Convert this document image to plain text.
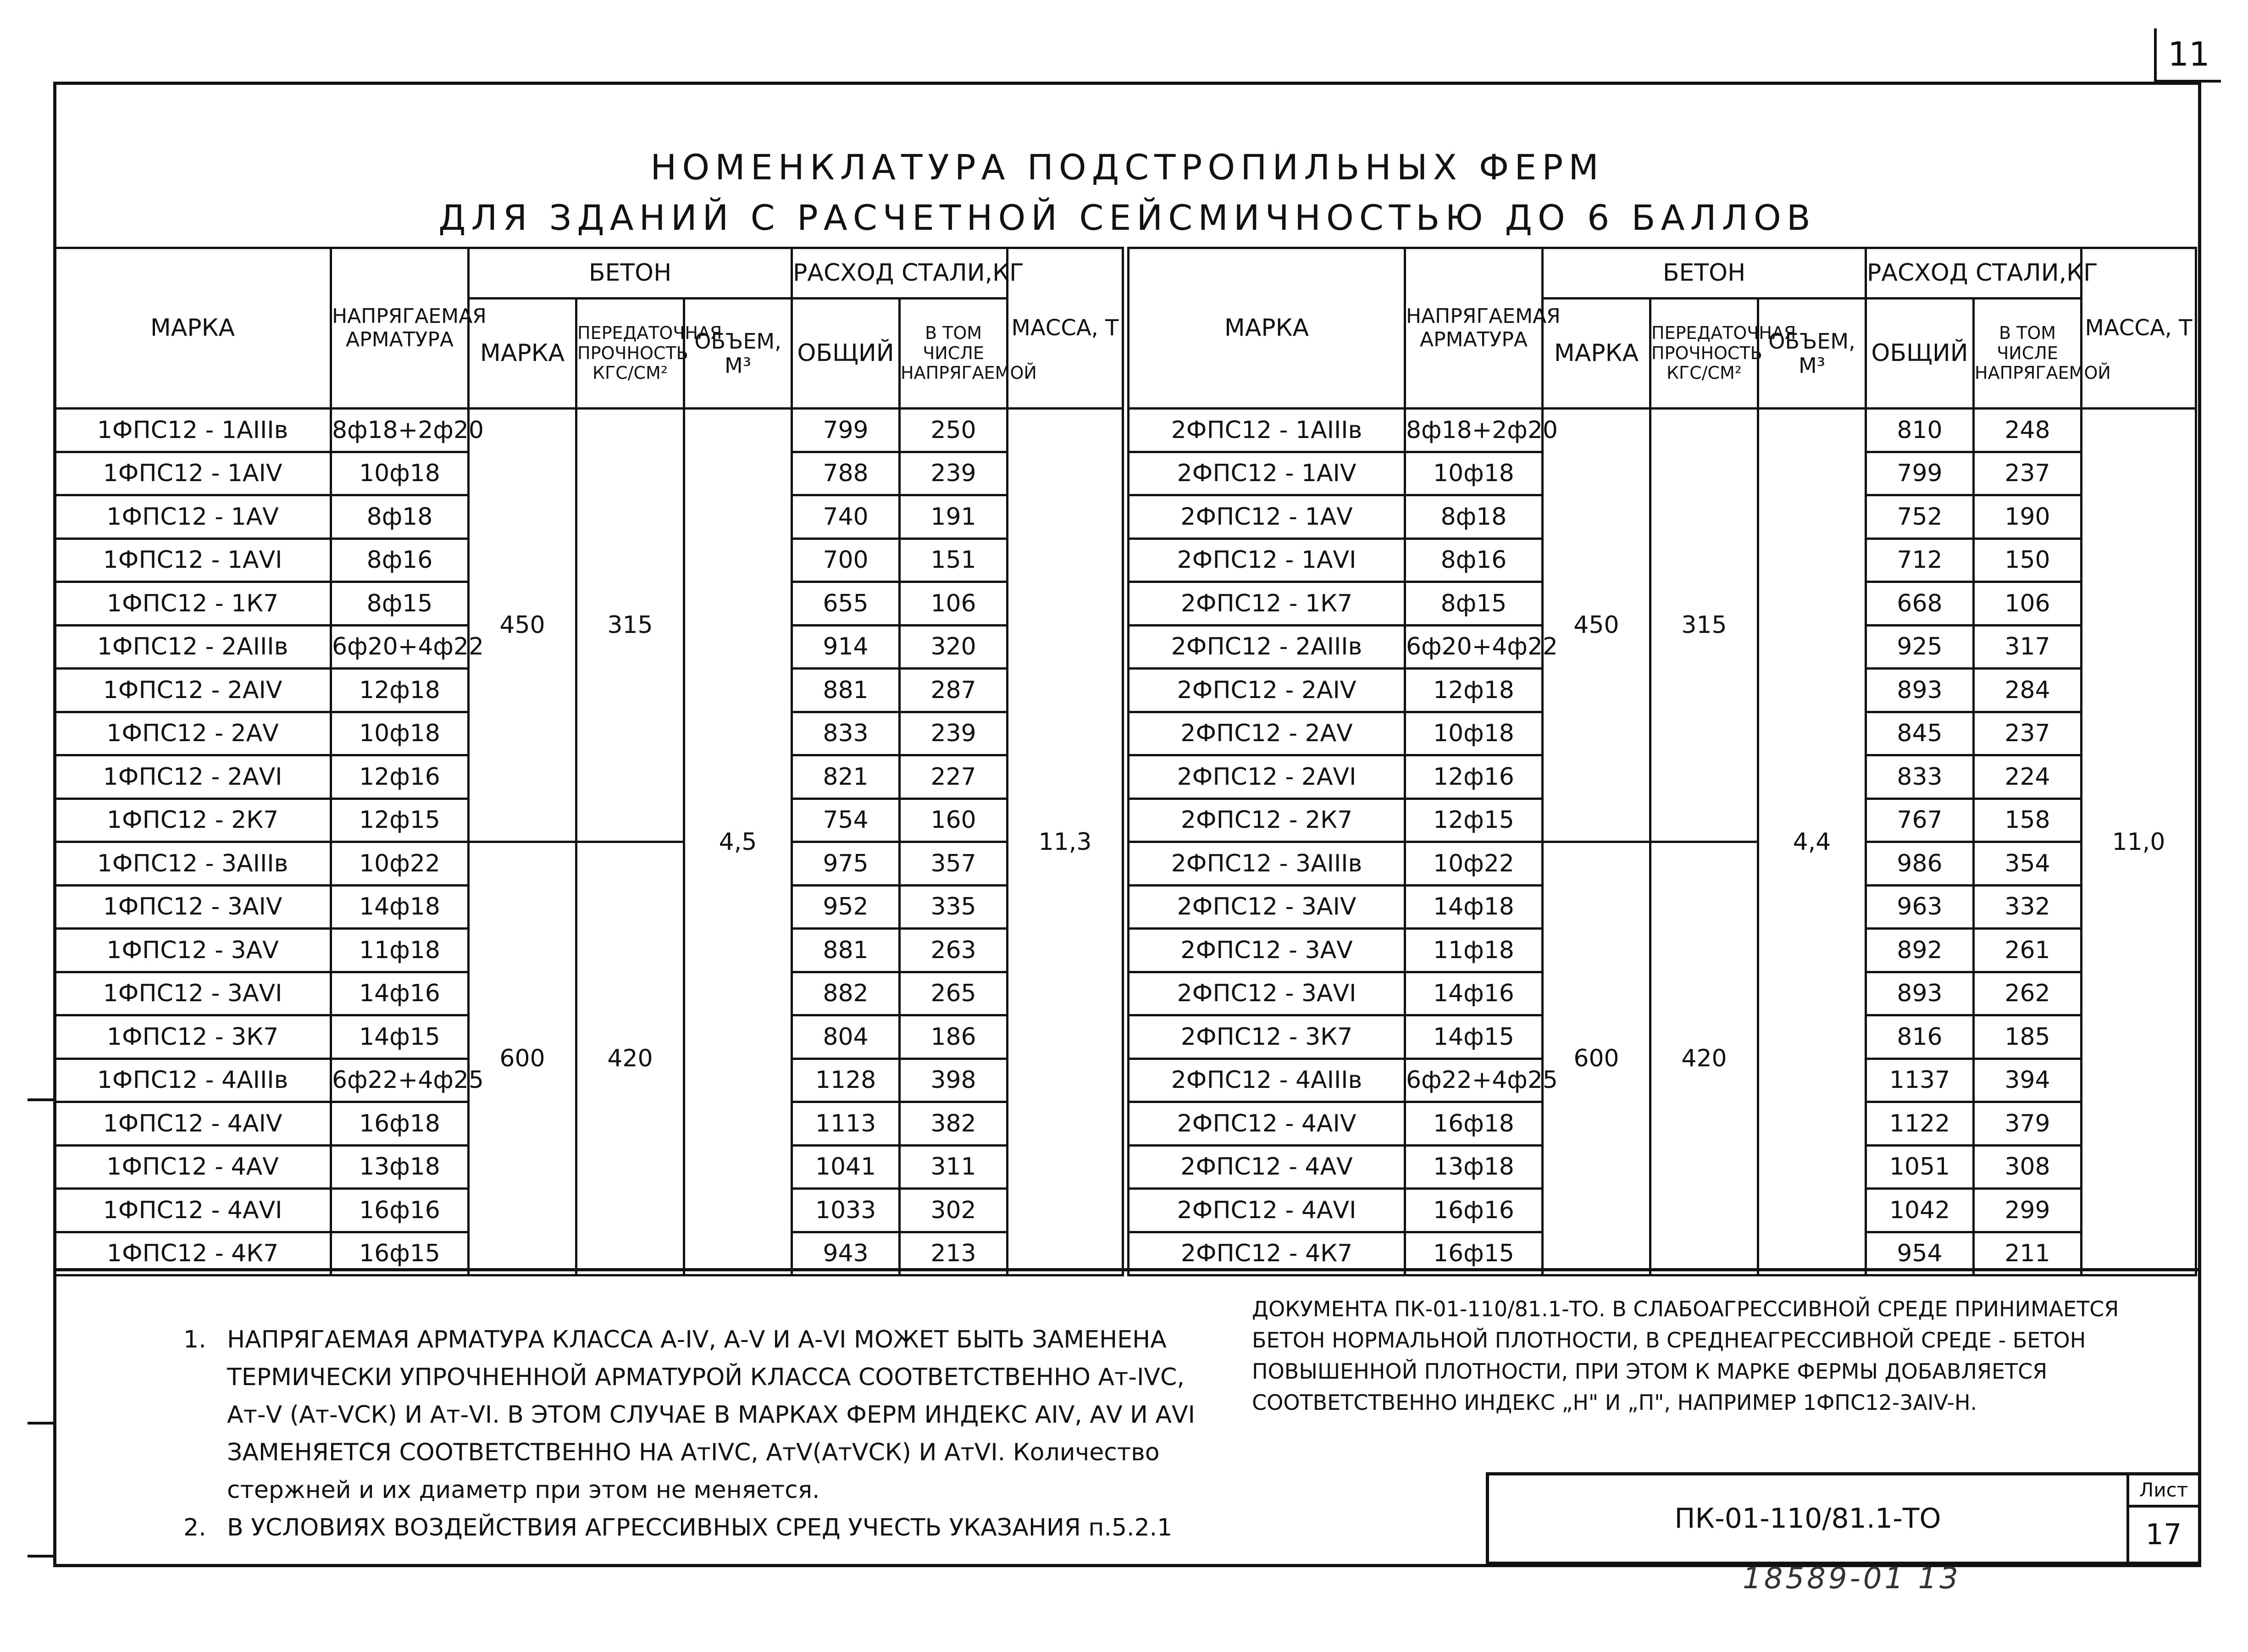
11
НОМЕНКЛАТУРА ПОДСТРОПИЛЬНЫХ ФЕРМ
ДЛЯ ЗДАНИЙ С РАСЧЕТНОЙ СЕЙСМИЧНОСТЬЮ ДО 6 БАЛЛОВ
МАРКА	НАПРЯГАЕМАЯ АРМАТУРА	БЕТОН			РАСХОД СТАЛИ,КГ		МАССА, Т
		МАРКА	ПЕРЕДАТОЧНАЯ ПРОЧНОСТЬ КГС/СМ²	ОБЪЕМ, М³	ОБЩИЙ	В ТОМ ЧИСЛЕ НАПРЯГАЕМОЙ	
1ФПС12 - 1АIIIв	8ф18+2ф20	450	315	4,5	799	250	11,3
1ФПС12 - 1АIV	10ф18				788	239	
1ФПС12 - 1АV	8ф18				740	191	
1ФПС12 - 1АVI	8ф16				700	151	
1ФПС12 - 1К7	8ф15				655	106	
1ФПС12 - 2АIIIв	6ф20+4ф22				914	320	
1ФПС12 - 2АIV	12ф18				881	287	
1ФПС12 - 2АV	10ф18				833	239	
1ФПС12 - 2АVI	12ф16				821	227	
1ФПС12 - 2К7	12ф15				754	160	
1ФПС12 - 3АIIIв	10ф22	600	420		975	357	
1ФПС12 - 3АIV	14ф18				952	335	
1ФПС12 - 3АV	11ф18				881	263	
1ФПС12 - 3АVI	14ф16				882	265	
1ФПС12 - 3К7	14ф15				804	186	
1ФПС12 - 4АIIIв	6ф22+4ф25				1128	398	
1ФПС12 - 4АIV	16ф18				1113	382	
1ФПС12 - 4АV	13ф18				1041	311	
1ФПС12 - 4АVI	16ф16				1033	302	
1ФПС12 - 4К7	16ф15				943	213	
МАРКА	НАПРЯГАЕМАЯ АРМАТУРА	БЕТОН			РАСХОД СТАЛИ,КГ		МАССА, Т
		МАРКА	ПЕРЕДАТОЧНАЯ ПРОЧНОСТЬ КГС/СМ²	ОБЪЕМ, М³	ОБЩИЙ	В ТОМ ЧИСЛЕ НАПРЯГАЕМОЙ	
2ФПС12 - 1АIIIв	8ф18+2ф20	450	315	4,4	810	248	11,0
2ФПС12 - 1АIV	10ф18				799	237	
2ФПС12 - 1АV	8ф18				752	190	
2ФПС12 - 1АVI	8ф16				712	150	
2ФПС12 - 1К7	8ф15				668	106	
2ФПС12 - 2АIIIв	6ф20+4ф22				925	317	
2ФПС12 - 2АIV	12ф18				893	284	
2ФПС12 - 2АV	10ф18				845	237	
2ФПС12 - 2АVI	12ф16				833	224	
2ФПС12 - 2К7	12ф15				767	158	
2ФПС12 - 3АIIIв	10ф22	600	420		986	354	
2ФПС12 - 3АIV	14ф18				963	332	
2ФПС12 - 3АV	11ф18				892	261	
2ФПС12 - 3АVI	14ф16				893	262	
2ФПС12 - 3К7	14ф15				816	185	
2ФПС12 - 4АIIIв	6ф22+4ф25				1137	394	
2ФПС12 - 4АIV	16ф18				1122	379	
2ФПС12 - 4АV	13ф18				1051	308	
2ФПС12 - 4АVI	16ф16				1042	299	
2ФПС12 - 4К7	16ф15				954	211	
1. НАПРЯГАЕМАЯ АРМАТУРА КЛАССА А-IV, А-V И А-VI МОЖЕТ БЫТЬ ЗАМЕНЕНА ТЕРМИЧЕСКИ УПРОЧНЕННОЙ АРМАТУРОЙ КЛАССА СООТВЕТСТВЕННО Ат-IVС, Ат-V (Ат-VСК) И Ат-VI. В ЭТОМ СЛУЧАЕ В МАРКАХ ФЕРМ ИНДЕКС АIV, АV И АVI ЗАМЕНЯЕТСЯ СООТВЕТСТВЕННО НА АтIVС, АтV(АтVСК) И АтVI. Количество стержней и их диаметр при этом не меняется.
2. В УСЛОВИЯХ ВОЗДЕЙСТВИЯ АГРЕССИВНЫХ СРЕД УЧЕСТЬ УКАЗАНИЯ п.5.2.1
ДОКУМЕНТА ПК-01-110/81.1-ТО. В СЛАБОАГРЕССИВНОЙ СРЕДЕ ПРИНИМАЕТСЯ БЕТОН НОРМАЛЬНОЙ ПЛОТНОСТИ, В СРЕДНЕАГРЕССИВНОЙ СРЕДЕ - БЕТОН ПОВЫШЕННОЙ ПЛОТНОСТИ, ПРИ ЭТОМ К МАРКЕ ФЕРМЫ ДОБАВЛЯЕТСЯ СООТВЕТСТВЕННО ИНДЕКС „Н" И „П", НАПРИМЕР 1ФПС12-3АIV-Н.
ПК-01-110/81.1-ТО
Лист
17
18589-01 13
